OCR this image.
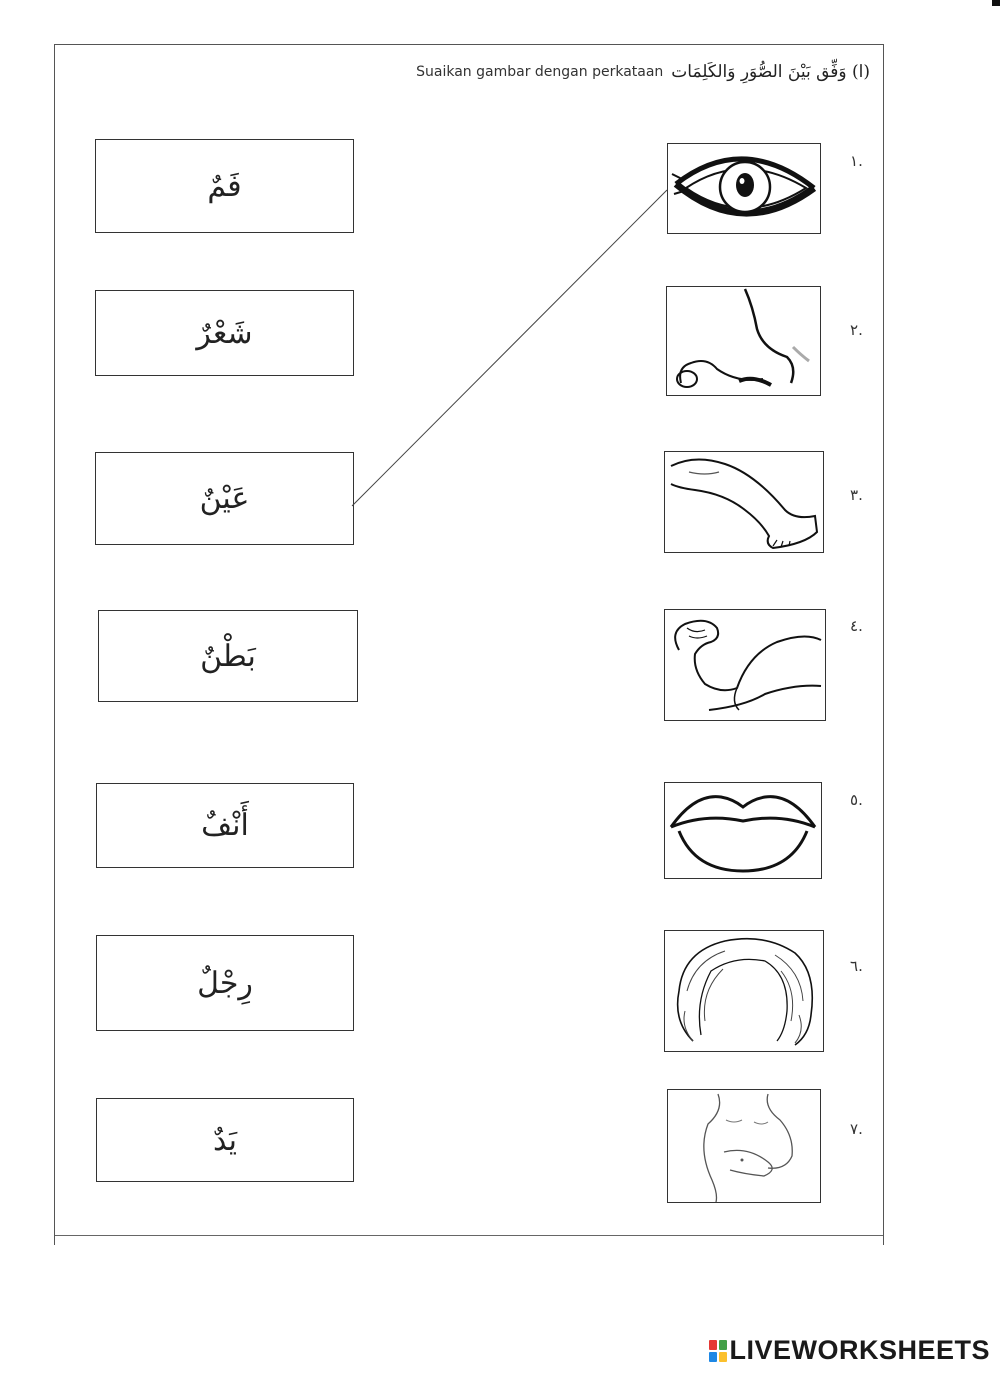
Suaikan gambar dengan perkataan (ا) وَفِّق بَيْنَ الصُّوَرِ وَالكَلِمَات
فَمٌ
شَعْرٌ
عَيْنٌ
بَطْنٌ
أَنْفٌ
رِجْلٌ
يَدٌ
.١
.٢
.٣
.٤
.٥
.٦
.٧
LIVEWORKSHEETS
